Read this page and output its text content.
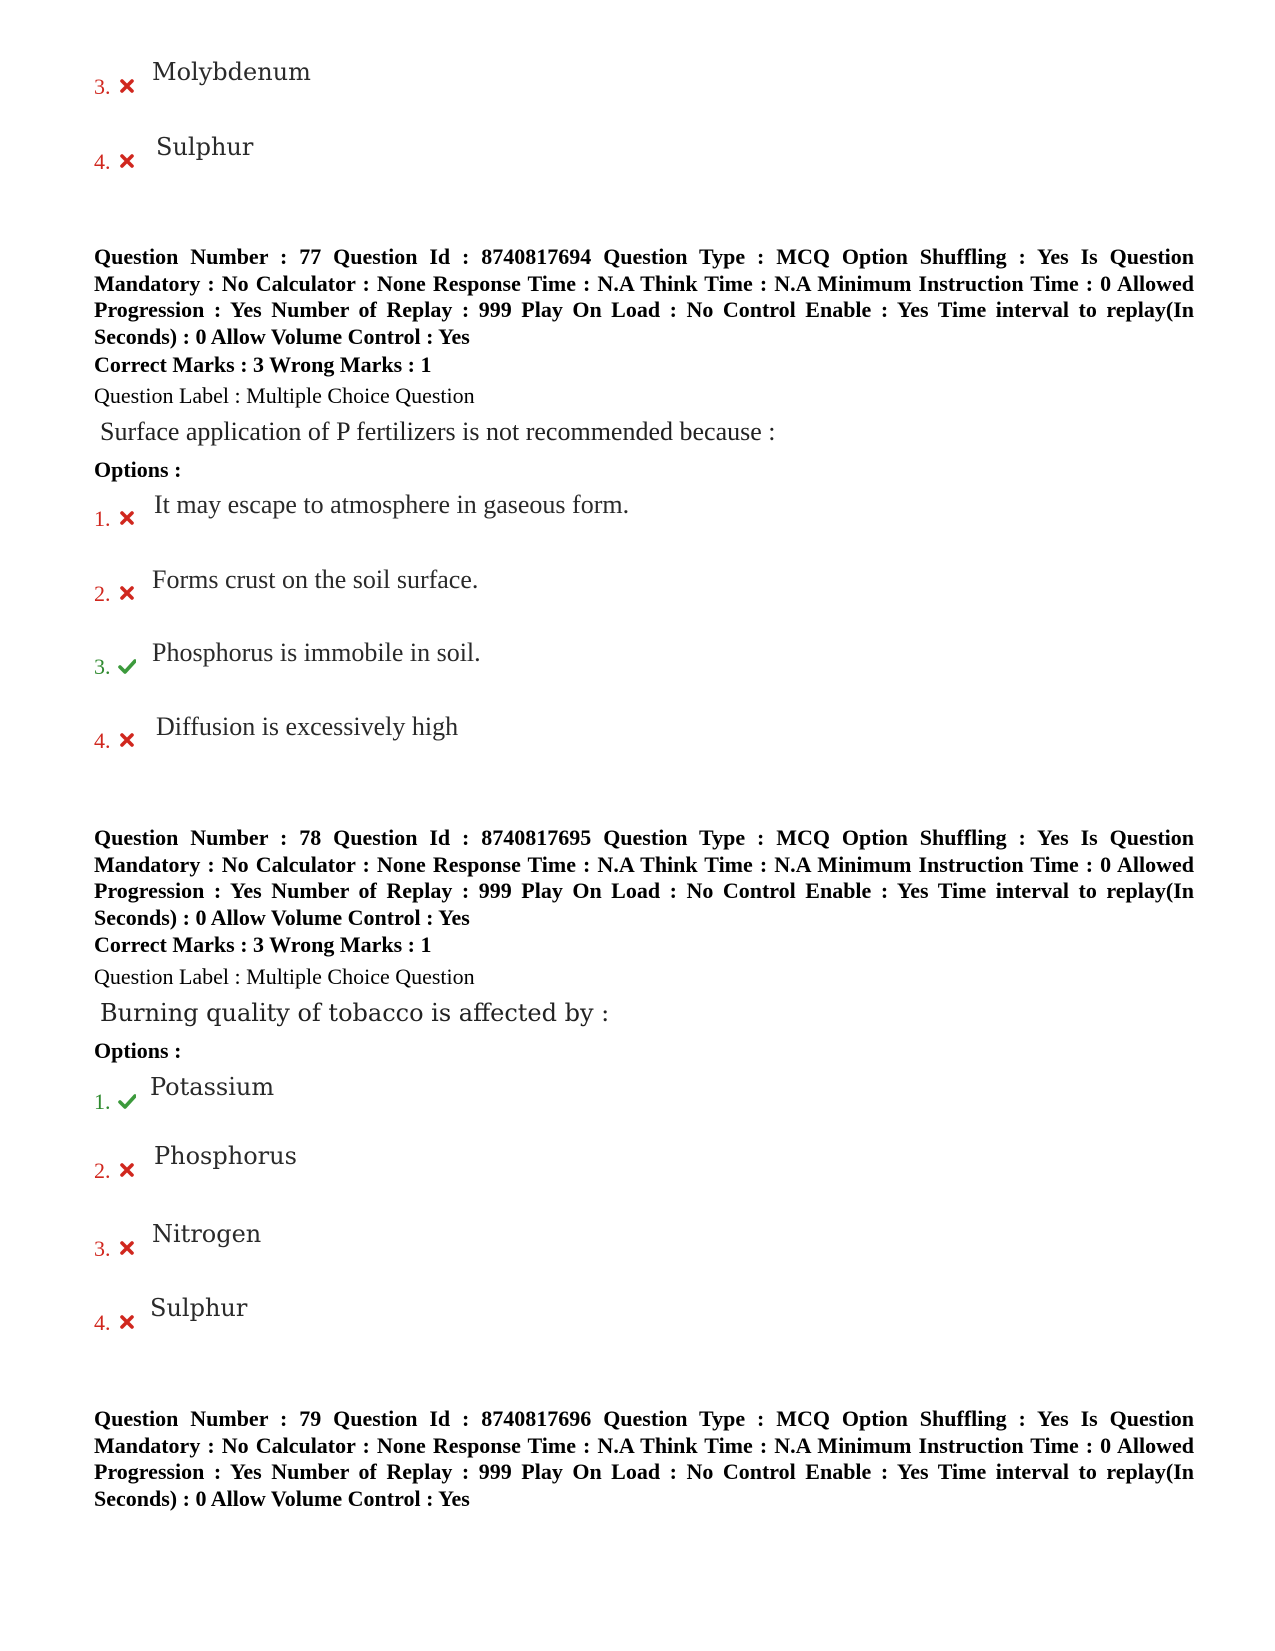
3.
Molybdenum
4.
Sulphur
Question Number : 77 Question Id : 8740817694 Question Type : MCQ Option Shuffling : Yes Is Question Mandatory : No Calculator : None Response Time : N.A Think Time : N.A Minimum Instruction Time : 0 Allowed Progression : Yes Number of Replay : 999 Play On Load : No Control Enable : Yes Time interval to replay(In Seconds) : 0 Allow Volume Control : Yes
Correct Marks : 3 Wrong Marks : 1
Question Label : Multiple Choice Question
Surface application of P fertilizers is not recommended because :
Options :
1. It may escape to atmosphere in gaseous form.
2. Forms crust on the soil surface.
3. Phosphorus is immobile in soil.
4. Diffusion is excessively high
Question Number : 78 Question Id : 8740817695 Question Type : MCQ Option Shuffling : Yes Is Question Mandatory : No Calculator : None Response Time : N.A Think Time : N.A Minimum Instruction Time : 0 Allowed Progression : Yes Number of Replay : 999 Play On Load : No Control Enable : Yes Time interval to replay(In Seconds) : 0 Allow Volume Control : Yes
Correct Marks : 3 Wrong Marks : 1
Question Label : Multiple Choice Question
Burning quality of tobacco is affected by :
Options :
1.
Potassium
2.
Phosphorus
3.
Nitrogen
4.
Sulphur
Question Number : 79 Question Id : 8740817696 Question Type : MCQ Option Shuffling : Yes Is Question Mandatory : No Calculator : None Response Time : N.A Think Time : N.A Minimum Instruction Time : 0 Allowed Progression : Yes Number of Replay : 999 Play On Load : No Control Enable : Yes Time interval to replay(In Seconds) : 0 Allow Volume Control : Yes
